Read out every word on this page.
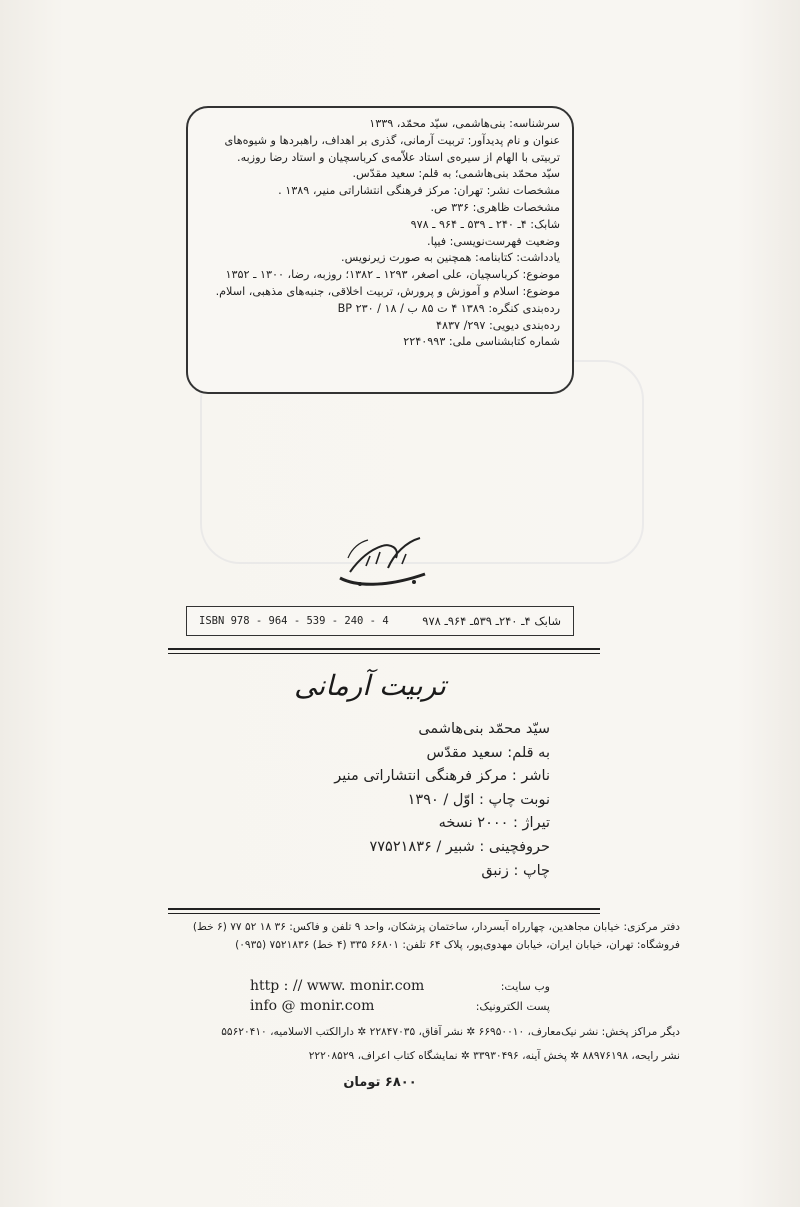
سرشناسه: بنی‌هاشمی، سیّد محمّد، ۱۳۳۹
عنوان و نام پدیدآور: تربیت آرمانی، گذری بر اهداف، راهبردها و شیوه‌های
تربیتی با الهام از سیره‌ی استاد علاّمه‌ی کرباسچیان و استاد رضا روزبه.
سیّد محمّد بنی‌هاشمی؛ به قلم: سعید مقدّس.
مشخصات نشر: تهران: مرکز فرهنگی انتشاراتی منیر، ۱۳۸۹ .
مشخصات ظاهری: ۳۳۶ ص.
شابک: ۴ـ ۲۴۰ ـ ۵۳۹ ـ ۹۶۴ ـ ۹۷۸
وضعیت فهرست‌نویسی: فیپا.
یادداشت: کتابنامه: همچنین به صورت زیرنویس.
موضوع: کرباسچیان، علی اصغر، ۱۲۹۳ ـ ۱۳۸۲؛ روزبه، رضا، ۱۳۰۰ ـ ۱۳۵۲
موضوع: اسلام و آموزش و پرورش، تربیت اخلاقی، جنبه‌های مذهبی، اسلام.
رده‌بندی کنگره: ۱۳۸۹ ۴ ت ۸۵ ب / ۱۸ / BP ۲۳۰
رده‌بندی دیویی: ۲۹۷/ ۴۸۳۷
شماره کتابشناسی ملی: ۲۲۴۰۹۹۳
شابک ۴ـ ۲۴۰ـ ۵۳۹ـ ۹۶۴ـ ۹۷۸
ISBN 978 - 964 - 539 - 240 - 4
تربیت آرمانی
سیّد محمّد بنی‌هاشمی
به قلم: سعید مقدّس
ناشر : مرکز فرهنگی انتشاراتی منیر
نوبت چاپ : اوّل / ۱۳۹۰
تیراژ : ۲۰۰۰ نسخه
حروفچینی : شبیر / ۷۷۵۲۱۸۳۶
چاپ : زنبق
دفتر مرکزی: خیابان مجاهدین، چهارراه آبسردار، ساختمان پزشکان، واحد ۹ تلفن و فاکس: ۳۶ ۱۸ ۵۲ ۷۷ (۶ خط)
فروشگاه: تهران، خیابان ایران، خیابان مهدوی‌پور، پلاک ۶۴ تلفن: ۶۶۸۰۱ ۳۳۵ (۴ خط) ۷۵۲۱۸۳۶ (۰۹۳۵)
وب سایت:
http : // www. monir.com
پست الکترونیک:
info @ monir.com
دیگر مراکز پخش: نشر نیک‌معارف، ۶۶۹۵۰۰۱۰ ✲ نشر آفاق، ۲۲۸۴۷۰۳۵ ✲ دارالکتب الاسلامیه، ۵۵۶۲۰۴۱۰
نشر رایحه، ۸۸۹۷۶۱۹۸ ✲ پخش آینه، ۳۳۹۳۰۴۹۶ ✲ نمایشگاه کتاب اعراف، ۲۲۲۰۸۵۲۹
۶۸۰۰ تومان
